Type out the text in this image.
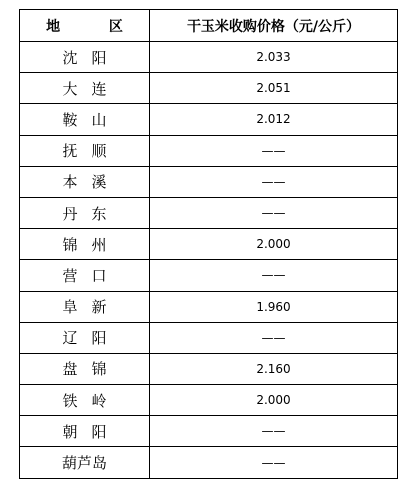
地 区	干玉米收购价格（元/公斤）
沈阳	2.033
大连	2.051
鞍山	2.012
抚顺	——
本溪	——
丹东	——
锦州	2.000
营口	——
阜新	1.960
辽阳	——
盘锦	2.160
铁岭	2.000
朝阳	——
葫芦岛	——
